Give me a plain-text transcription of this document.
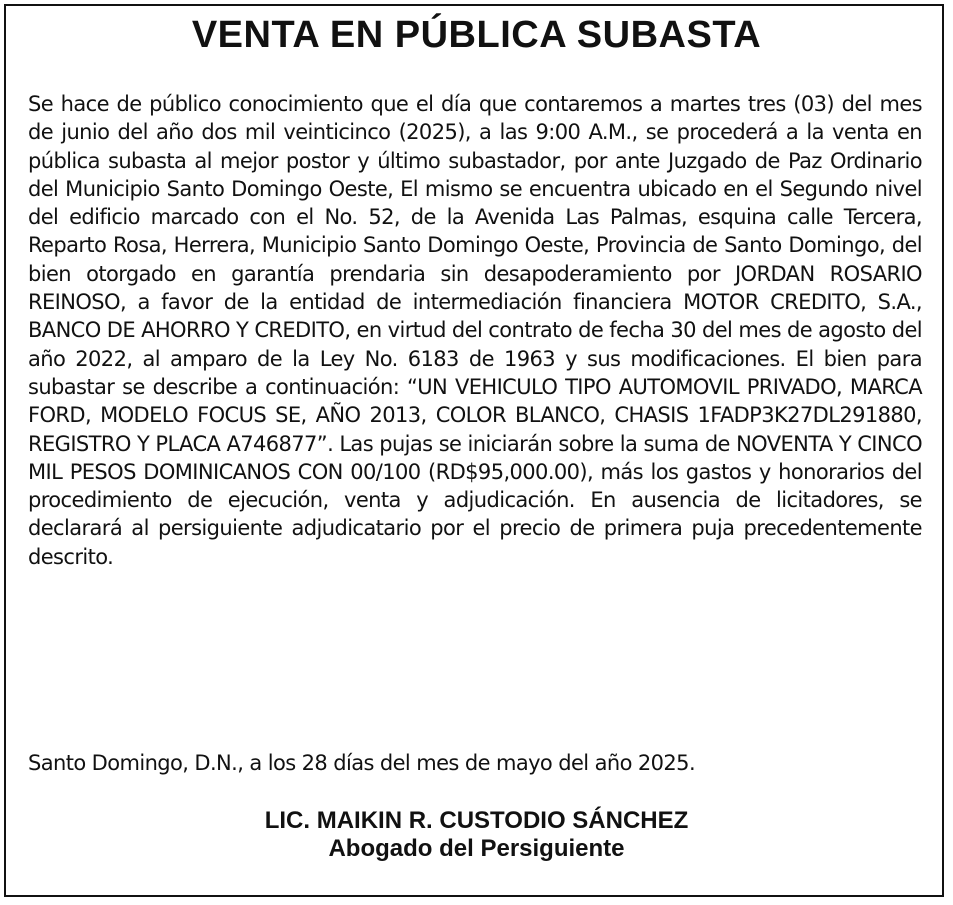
VENTA EN PÚBLICA SUBASTA

Se hace de público conocimiento que el día que contaremos a martes tres (03) del mes de junio del año dos mil veinticinco (2025), a las 9:00 A.M., se procederá a la venta en pública subasta al mejor postor y último subastador, por ante Juzgado de Paz Ordinario del Municipio Santo Domingo Oeste, El mismo se encuentra ubicado en el Segundo nivel del edificio marcado con el No. 52, de la Avenida Las Palmas, esquina calle Tercera, Reparto Rosa, Herrera, Municipio Santo Domingo Oeste, Provincia de Santo Domingo, del bien otorgado en garantía prendaria sin desapoderamiento por JORDAN ROSARIO REINOSO, a favor de la entidad de intermediación financiera MOTOR CREDITO, S.A., BANCO DE AHORRO Y CREDITO, en virtud del contrato de fecha 30 del mes de agosto del año 2022, al amparo de la Ley No. 6183 de 1963 y sus modificaciones. El bien para subastar se describe a continuación: “UN VEHICULO TIPO AUTOMOVIL PRIVADO, MARCA FORD, MODELO FOCUS SE, AÑO 2013, COLOR BLANCO, CHASIS 1FADP3K27DL291880, REGISTRO Y PLACA A746877”. Las pujas se iniciarán sobre la suma de NOVENTA Y CINCO MIL PESOS DOMINICANOS CON 00/100 (RD$95,000.00), más los gastos y honorarios del procedimiento de ejecución, venta y adjudicación. En ausencia de licitadores, se declarará al persiguiente adjudicatario por el precio de primera puja precedentemente descrito.

Santo Domingo, D.N., a los 28 días del mes de mayo del año 2025.

LIC. MAIKIN R. CUSTODIO SÁNCHEZ
Abogado del Persiguiente
